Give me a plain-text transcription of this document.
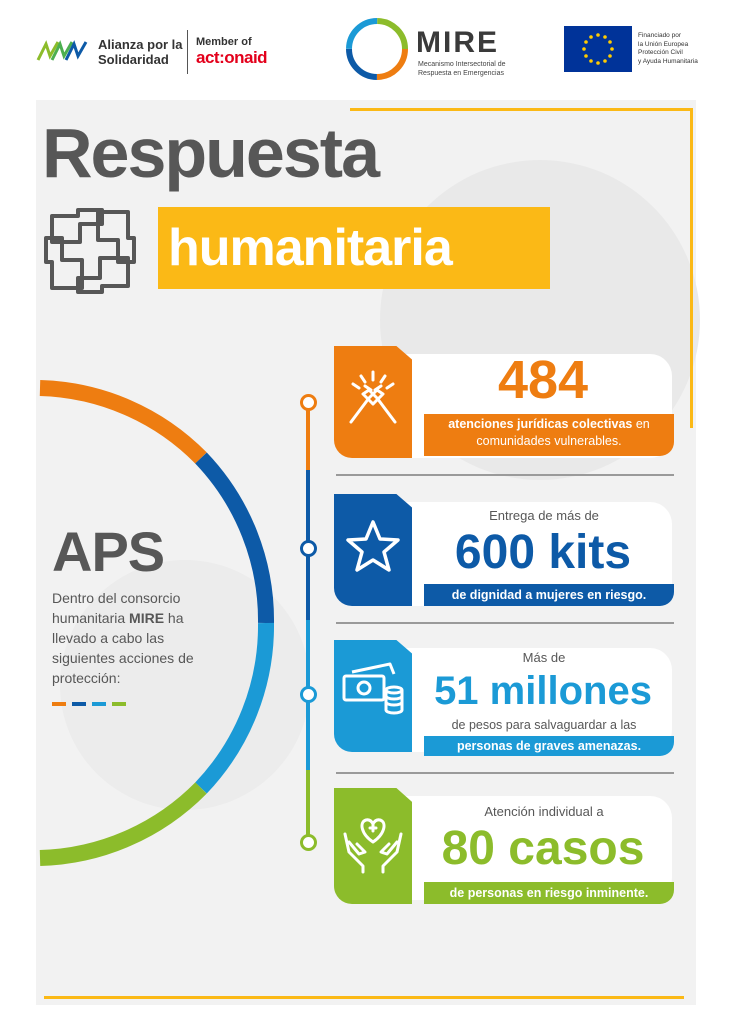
Alianza por la
Solidaridad
Member of
act:onaid	MIRE
Mecanismo Intersectorial de
Respuesta en Emergencias
Financiado por
la Unión Europea
Protección Civil
y Ayuda Humanitaria
Respuesta
humanitaria
APS
Dentro del consorcio humanitaria MIRE ha llevado a cabo las siguientes acciones de protección:
484
atenciones jurídicas colectivas en
comunidades vulnerables.
Entrega de más de
600 kits
de dignidad a mujeres en riesgo.
Más de
51 millones
de pesos para salvaguardar a las
personas de graves amenazas.
Atención individual a
80 casos
de personas en riesgo inminente.
